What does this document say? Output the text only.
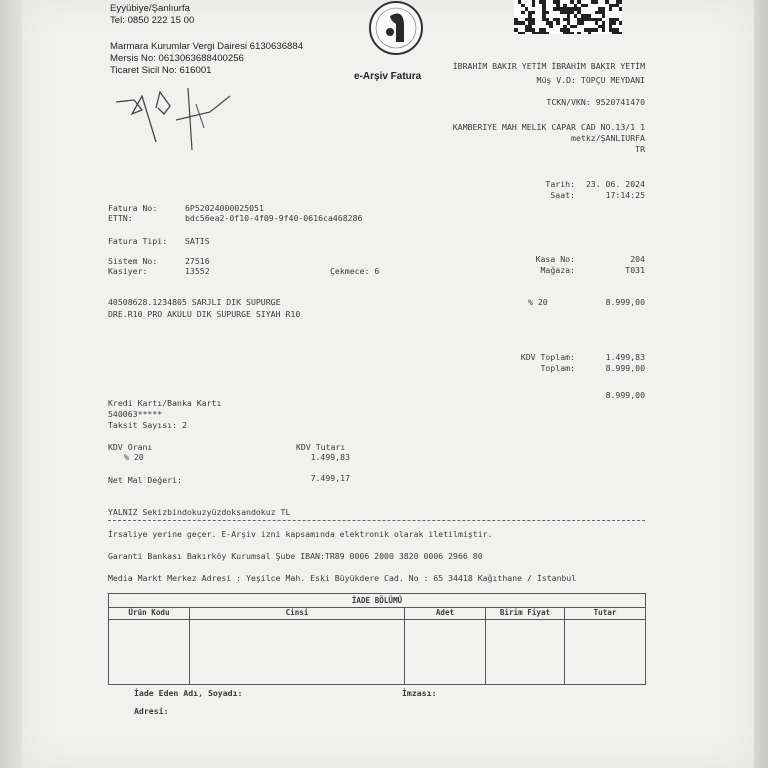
Eyyübiye/Şanlıurfa
Tel: 0850 222 15 00
Marmara Kurumlar Vergi Dairesi 6130636884
Mersis No: 0613063688400256
Ticaret Sicil No: 616001
e-Arşiv Fatura
İBRAHİM BAKIR YETİM İBRAHİM BAKIR YETİM
Müş V.D: TOPÇU MEYDANI
TCKN/VKN: 9520741470
KAMBERIYE MAH MELIK CAPAR CAD NO.13/1 1
metkz/ŞANLIURFA
TR
Tarih:	23. 06. 2024
Saat:	17:14:25
Fatura No:	6P52024000025051
ETTN:	bdc56ea2-0f10-4f09-9f40-0616ca468286
Fatura Tipi: SATIS
Sistem No:	27516
Kasiyer:	13552	Çekmece: 6
Kasa No:	204
Mağaza:	T031
40508628.1234805 SARJLI DIK SUPURGE
DRE.R10 PRO AKULU DIK SUPURGE SIYAH R10
% 20	8.999,00
KDV Toplam:	1.499,83
Toplam:	8.999,00
8.999,00
Kredi Kartı/Banka Kartı
540063*****
Taksit Sayısı: 2
KDV Oranı
% 20
KDV Tutarı
1.499,83
Net Mal Değeri:	7.499,17
YALNIZ Sekizbindokuzyüzdoksandokuz TL
İrsaliye yerine geçer. E-Arşiv izni kapsamında elektronik olarak iletilmiştir.
Garanti Bankası Bakırköy Kurumsal Şube IBAN:TR89 0006 2000 3820 0006 2966 80
Media Markt Merkez Adresi : Yeşilce Mah. Eski Büyükdere Cad. No : 65 34418 Kağıthane / İstanbul
İADE BÖLÜMÜ
Ürün Kodu	Cinsi	Adet	Birim Fiyat	Tutar
İade Eden Adı, Soyadı:	İmzası:
Adresi:
